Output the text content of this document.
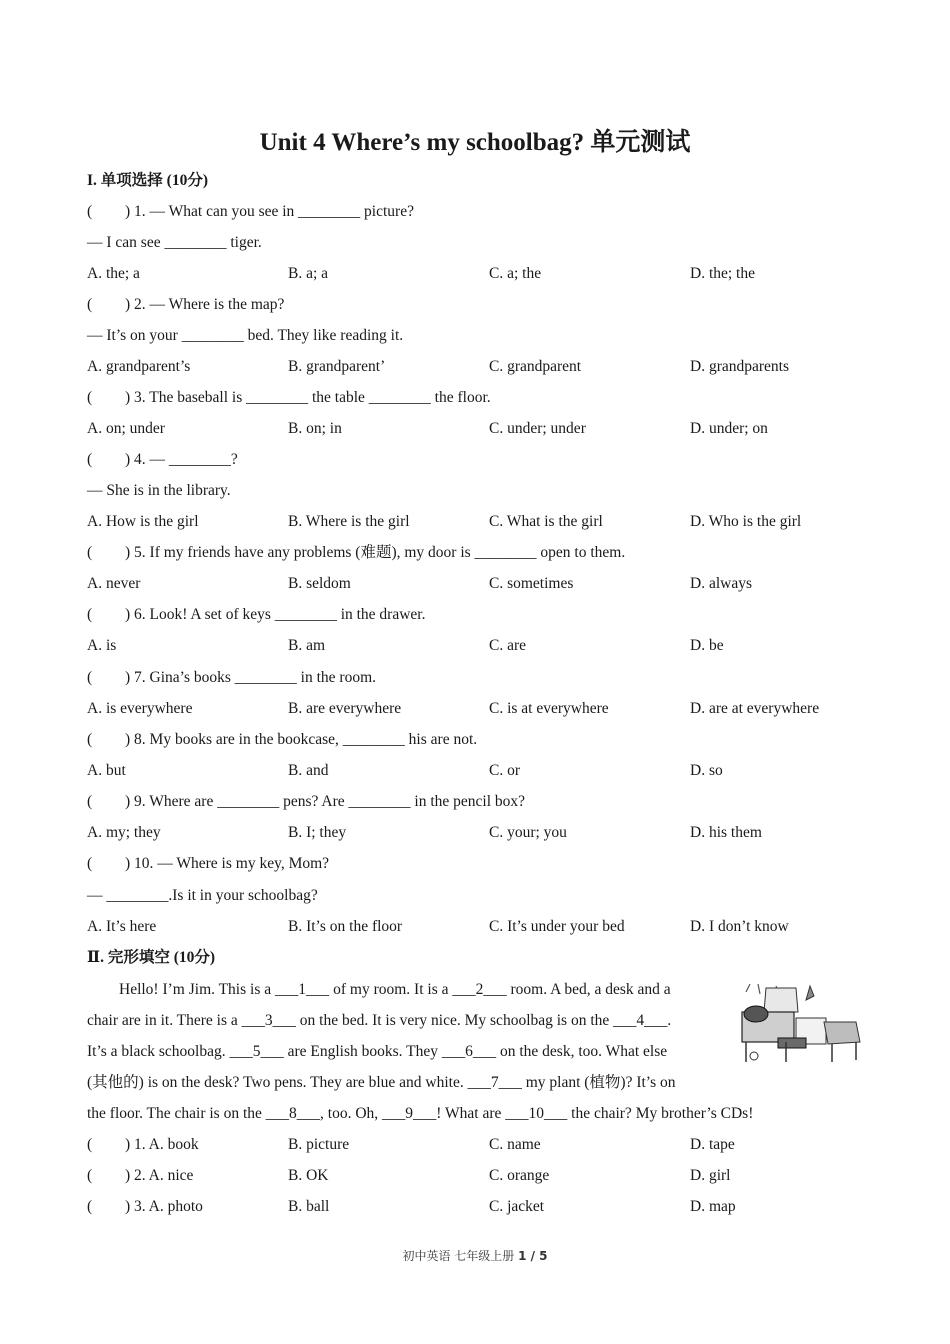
Unit 4 Where’s my schoolbag? 单元测试
I. 单项选择 (10分)
( ) 1. — What can you see in ________ picture?
— I can see ________ tiger.
A. the; a	B. a; a	C. a; the	D. the; the
( ) 2. — Where is the map?
— It’s on your ________ bed. They like reading it.
A. grandparent’s	B. grandparent’	C. grandparent	D. grandparents
( ) 3. The baseball is ________ the table ________ the floor.
A. on; under	B. on; in	C. under; under	D. under; on
( ) 4. — ________?
— She is in the library.
A. How is the girl	B. Where is the girl	C. What is the girl	D. Who is the girl
( ) 5. If my friends have any problems (难题), my door is ________ open to them.
A. never	B. seldom	C. sometimes	D. always
( ) 6. Look! A set of keys ________ in the drawer.
A. is	B. am	C. are	D. be
( ) 7. Gina’s books ________ in the room.
A. is everywhere	B. are everywhere	C. is at everywhere	D. are at everywhere
( ) 8. My books are in the bookcase, ________ his are not.
A. but	B. and	C. or	D. so
( ) 9. Where are ________ pens? Are ________ in the pencil box?
A. my; they	B. I; they	C. your; you	D. his them
( ) 10. — Where is my key, Mom?
— ________.Is it in your schoolbag?
A. It’s here	B. It’s on the floor	C. It’s under your bed	D. I don’t know
Ⅱ. 完形填空 (10分)
Hello! I’m Jim. This is a ___1___ of my room. It is a ___2___ room. A bed, a desk and a
chair are in it. There is a ___3___ on the bed. It is very nice. My schoolbag is on the ___4___.
It’s a black schoolbag. ___5___ are English books. They ___6___ on the desk, too. What else
(其他的) is on the desk? Two pens. They are blue and white. ___7___ my plant (植物)? It’s on
the floor. The chair is on the ___8___, too. Oh, ___9___! What are ___10___ the chair? My brother’s CDs!
( ) 1. A. book	B. picture	C. name	D. tape
( ) 2. A. nice	B. OK	C. orange	D. girl
( ) 3. A. photo	B. ball	C. jacket	D. map
初中英语 七年级上册 1 / 5
